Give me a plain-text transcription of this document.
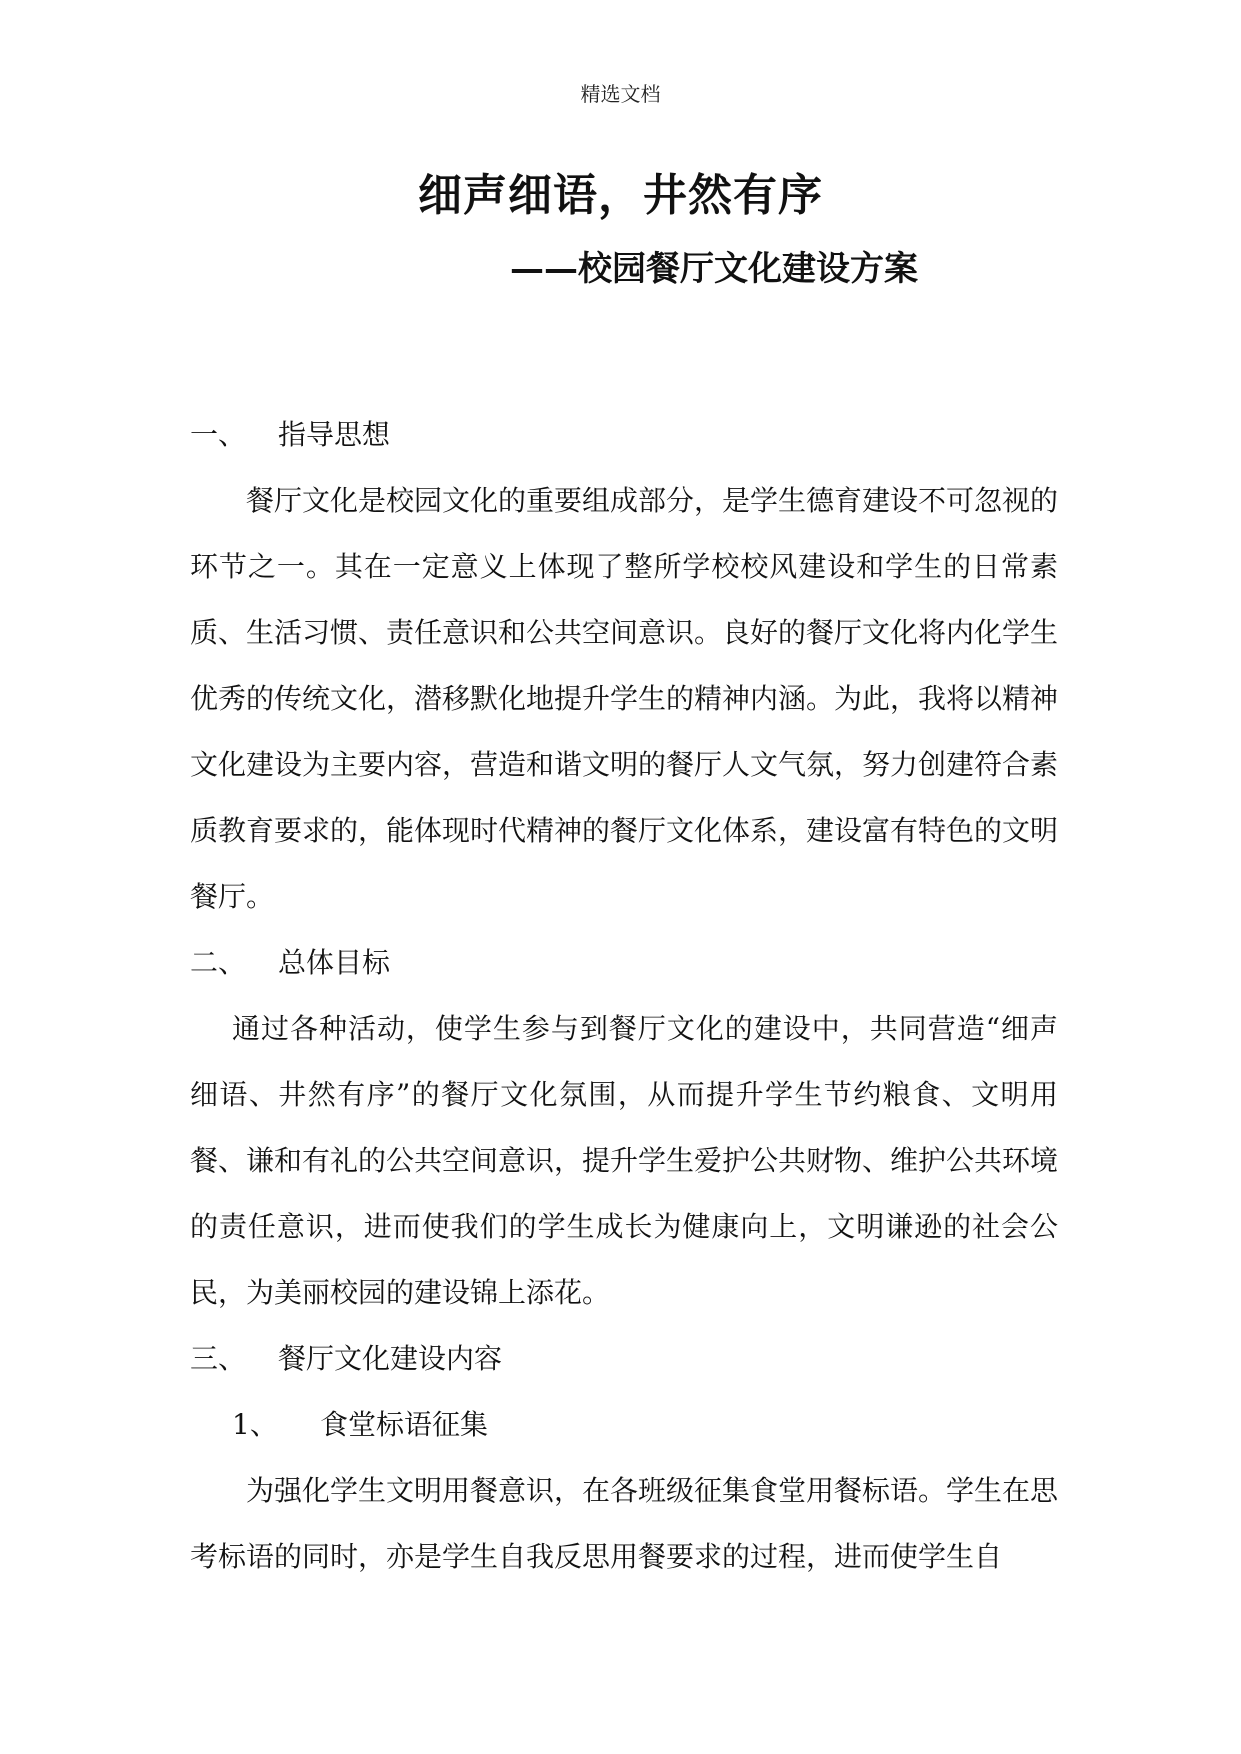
精选文档
细声细语，井然有序
——校园餐厅文化建设方案

一、 指导思想

餐厅文化是校园文化的重要组成部分，是学生德育建设不可忽视的环节之一。其在一定意义上体现了整所学校校风建设和学生的日常素质、生活习惯、责任意识和公共空间意识。良好的餐厅文化将内化学生优秀的传统文化，潜移默化地提升学生的精神内涵。为此，我将以精神文化建设为主要内容，营造和谐文明的餐厅人文气氛，努力创建符合素质教育要求的，能体现时代精神的餐厅文化体系，建设富有特色的文明餐厅。

二、 总体目标

通过各种活动，使学生参与到餐厅文化的建设中，共同营造“细声细语、井然有序”的餐厅文化氛围，从而提升学生节约粮食、文明用餐、谦和有礼的公共空间意识，提升学生爱护公共财物、维护公共环境的责任意识，进而使我们的学生成长为健康向上，文明谦逊的社会公民，为美丽校园的建设锦上添花。

三、 餐厅文化建设内容

1、 食堂标语征集

为强化学生文明用餐意识，在各班级征集食堂用餐标语。学生在思考标语的同时，亦是学生自我反思用餐要求的过程，进而使学生自
